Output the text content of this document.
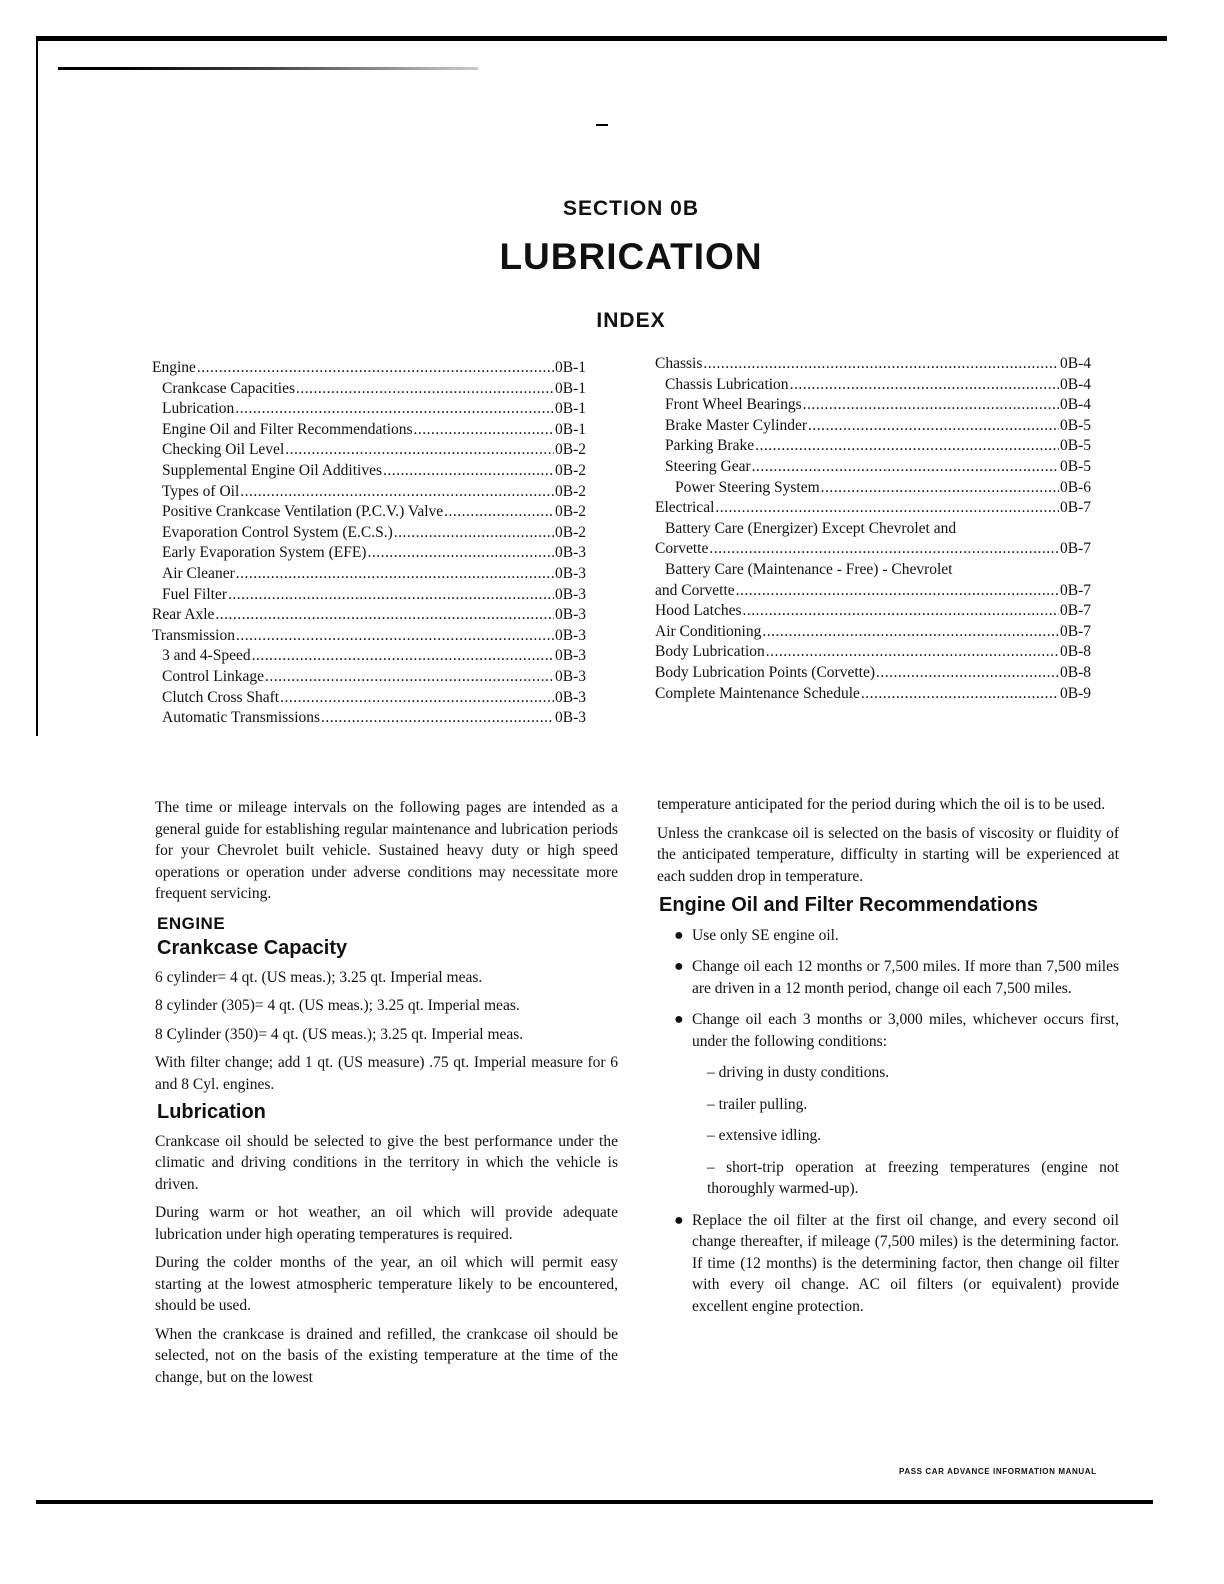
SECTION 0B
LUBRICATION
INDEX
Engine .....	0B-1
Crankcase Capacities .....	0B-1
Lubrication .....	0B-1
Engine Oil and Filter Recommendations .....	0B-1
Checking Oil Level .....	0B-2
Supplemental Engine Oil Additives .....	0B-2
Types of Oil .....	0B-2
Positive Crankcase Ventilation (P.C.V.) Valve .....	0B-2
Evaporation Control System (E.C.S.) .....	0B-2
Early Evaporation System (EFE) .....	0B-3
Air Cleaner .....	0B-3
Fuel Filter .....	0B-3
Rear Axle .....	0B-3
Transmission .....	0B-3
3 and 4-Speed .....	0B-3
Control Linkage .....	0B-3
Clutch Cross Shaft .....	0B-3
Automatic Transmissions .....	0B-3
Chassis .....	0B-4
Chassis Lubrication .....	0B-4
Front Wheel Bearings .....	0B-4
Brake Master Cylinder .....	0B-5
Parking Brake .....	0B-5
Steering Gear .....	0B-5
Power Steering System .....	0B-6
Electrical .....	0B-7
Battery Care (Energizer) Except Chevrolet and
Corvette .....	0B-7
Battery Care (Maintenance - Free) - Chevrolet
and Corvette .....	0B-7
Hood Latches .....	0B-7
Air Conditioning .....	0B-7
Body Lubrication .....	0B-8
Body Lubrication Points (Corvette) .....	0B-8
Complete Maintenance Schedule .....	0B-9

The time or mileage intervals on the following pages are intended as a general guide for establishing regular maintenance and lubrication periods for your Chevrolet built vehicle. Sustained heavy duty or high speed operations or operation under adverse conditions may necessitate more frequent servicing.

ENGINE
Crankcase Capacity

6 cylinder= 4 qt. (US meas.); 3.25 qt. Imperial meas.

8 cylinder (305)= 4 qt. (US meas.); 3.25 qt. Imperial meas.

8 Cylinder (350)= 4 qt. (US meas.); 3.25 qt. Imperial meas.

With filter change; add 1 qt. (US measure) .75 qt. Imperial measure for 6 and 8 Cyl. engines.

Lubrication

Crankcase oil should be selected to give the best performance under the climatic and driving conditions in the territory in which the vehicle is driven.

During warm or hot weather, an oil which will provide adequate lubrication under high operating temperatures is required.

During the colder months of the year, an oil which will permit easy starting at the lowest atmospheric temperature likely to be encountered, should be used.

When the crankcase is drained and refilled, the crankcase oil should be selected, not on the basis of the existing temperature at the time of the change, but on the lowest

temperature anticipated for the period during which the oil is to be used.

Unless the crankcase oil is selected on the basis of viscosity or fluidity of the anticipated temperature, difficulty in starting will be experienced at each sudden drop in temperature.

Engine Oil and Filter Recommendations
● Use only SE engine oil.
● Change oil each 12 months or 7,500 miles. If more than 7,500 miles are driven in a 12 month period, change oil each 7,500 miles.
● Change oil each 3 months or 3,000 miles, whichever occurs first, under the following conditions:
– driving in dusty conditions.
– trailer pulling.
– extensive idling.
– short-trip operation at freezing temperatures (engine not thoroughly warmed-up).
● Replace the oil filter at the first oil change, and every second oil change thereafter, if mileage (7,500 miles) is the determining factor. If time (12 months) is the determining factor, then change oil filter with every oil change. AC oil filters (or equivalent) provide excellent engine protection.
PASS CAR ADVANCE INFORMATION MANUAL
